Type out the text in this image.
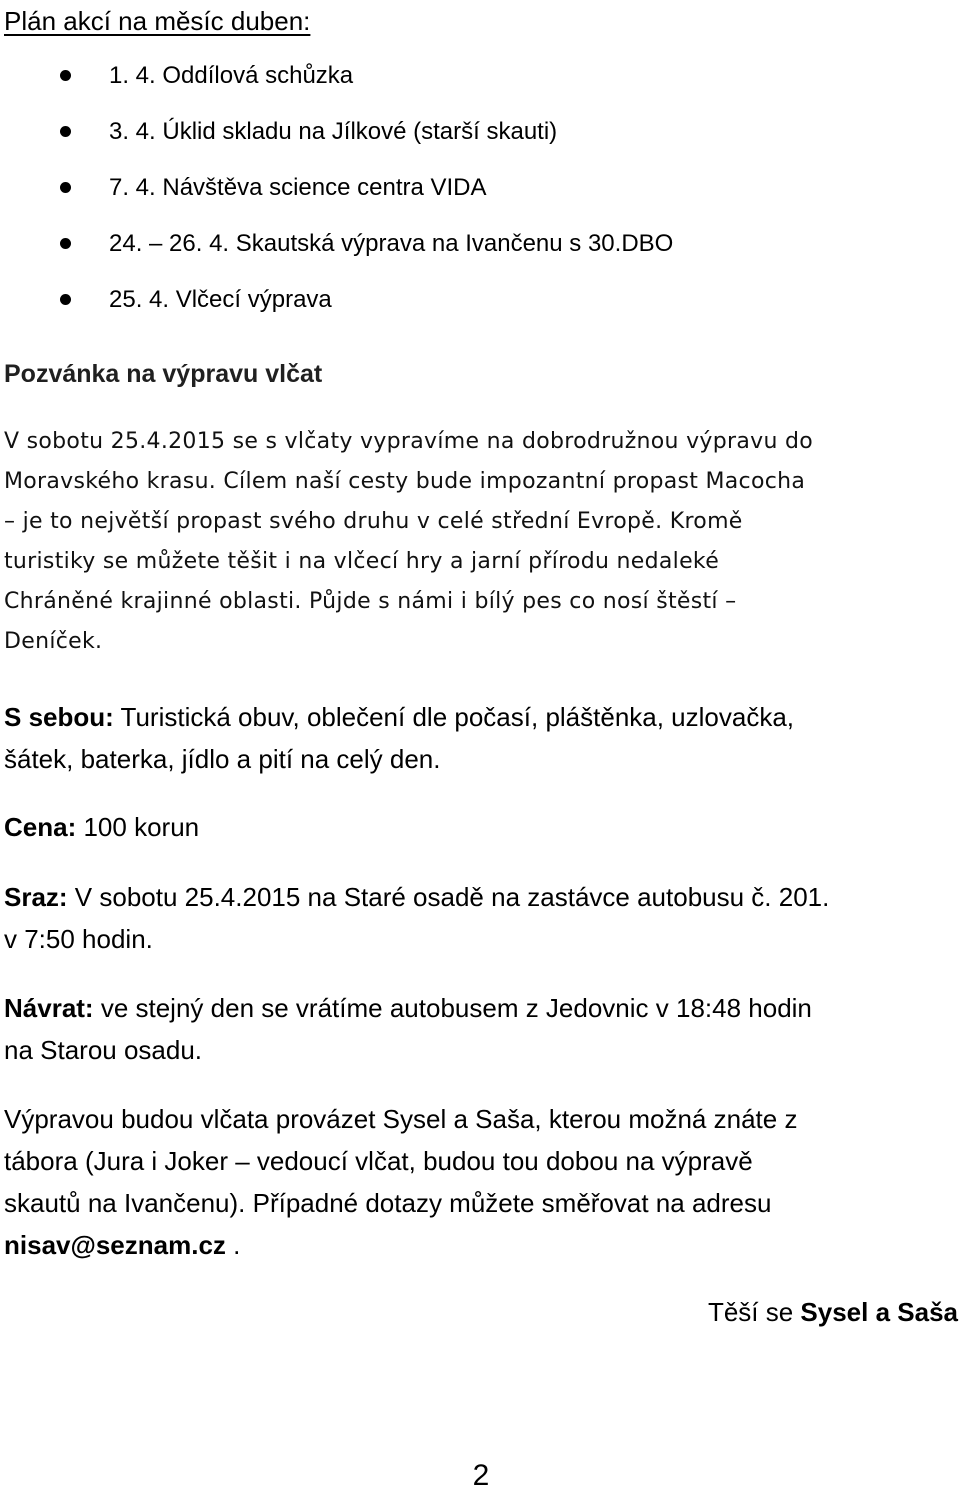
Plán akcí na měsíc duben:
1. 4. Oddílová schůzka
3. 4. Úklid skladu na Jílkové (starší skauti)
7. 4. Návštěva science centra VIDA
24. – 26. 4. Skautská výprava na Ivančenu s 30.DBO
25. 4. Vlčecí výprava
Pozvánka na výpravu vlčat

V sobotu 25.4.2015 se s vlčaty vypravíme na dobrodružnou výpravu do
Moravského krasu. Cílem naší cesty bude impozantní propast Macocha
– je to největší propast svého druhu v celé střední Evropě. Kromě
turistiky se můžete těšit i na vlčecí hry a jarní přírodu nedaleké
Chráněné krajinné oblasti. Půjde s námi i bílý pes co nosí štěstí –
Deníček.

S sebou: Turistická obuv, oblečení dle počasí, pláštěnka, uzlovačka,
šátek, baterka, jídlo a pití na celý den.

Cena: 100 korun

Sraz: V sobotu 25.4.2015 na Staré osadě na zastávce autobusu č. 201.
v 7:50 hodin.

Návrat: ve stejný den se vrátíme autobusem z Jedovnic v 18:48 hodin
na Starou osadu.

Výpravou budou vlčata provázet Sysel a Saša, kterou možná znáte z
tábora (Jura i Joker – vedoucí vlčat, budou tou dobou na výpravě
skautů na Ivančenu). Případné dotazy můžete směřovat na adresu
nisav@seznam.cz .

Těší se Sysel a Saša
2
